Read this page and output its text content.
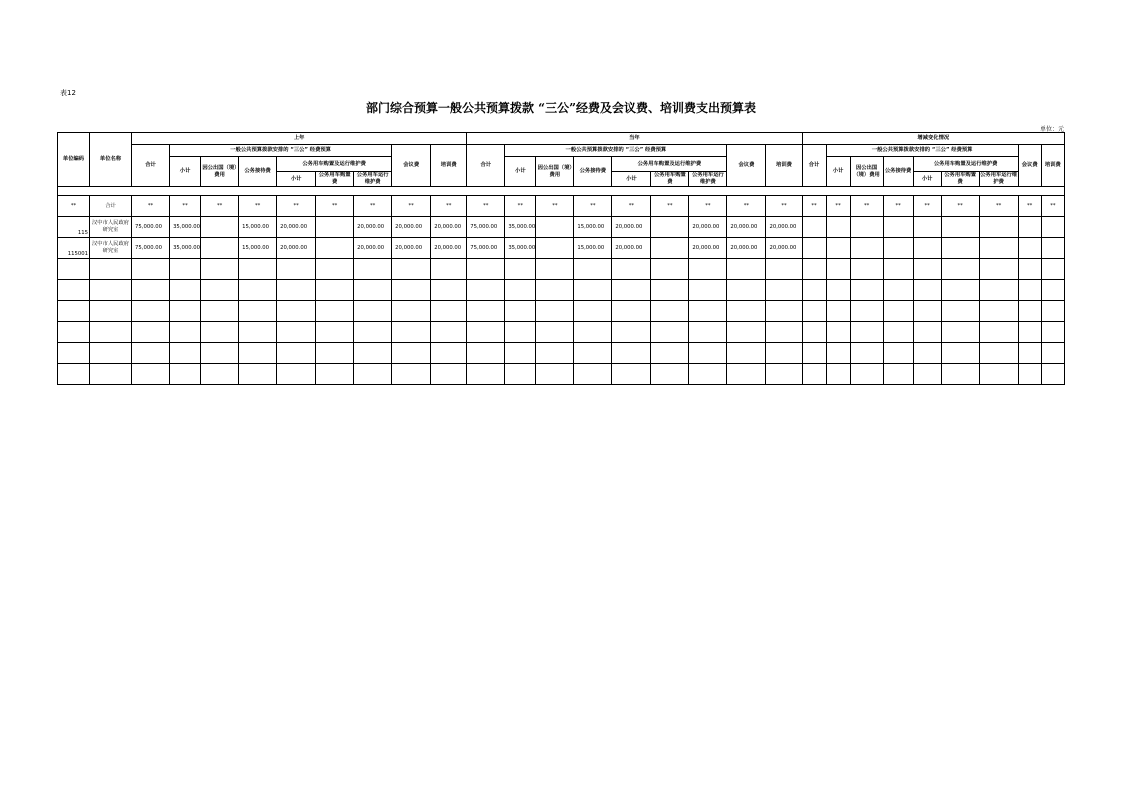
表12
部门综合预算一般公共预算拨款 “三公”经费及会议费、培训费支出预算表
单位：元
单位编码	单位名称	上年									当年									增减变化情况								
		合计	一般公共预算拨款安排的 “三公” 经费预算						会议费	培训费	合计	一般公共预算拨款安排的 “三公” 经费预算						会议费	培训费	合计	一般公共预算拨款安排的 “三公” 经费预算						会议费	培训费
			小计	因公出国（境）费用	公务接待费	公务用车购置及运行维护费						小计	因公出国（境）费用	公务接待费	公务用车购置及运行维护费						小计	因公出国（境）费用	公务接待费	公务用车购置及运行维护费				
						小计	公务用车购置费	公务用车运行维护费							小计	公务用车购置费	公务用车运行维护费							小计	公务用车购置费	公务用车运行维护费		

**	合计	**	**	**	**	**	**	**	**	**	**	**	**	**	**	**	**	**	**	**	**	**	**	**	**	**	**	**
115	汉中市人民政府研究室	75,000.00	35,000.00		15,000.00	20,000.00		20,000.00	20,000.00	20,000.00	75,000.00	35,000.00		15,000.00	20,000.00		20,000.00	20,000.00	20,000.00									
115001	汉中市人民政府研究室	75,000.00	35,000.00		15,000.00	20,000.00		20,000.00	20,000.00	20,000.00	75,000.00	35,000.00		15,000.00	20,000.00		20,000.00	20,000.00	20,000.00									
